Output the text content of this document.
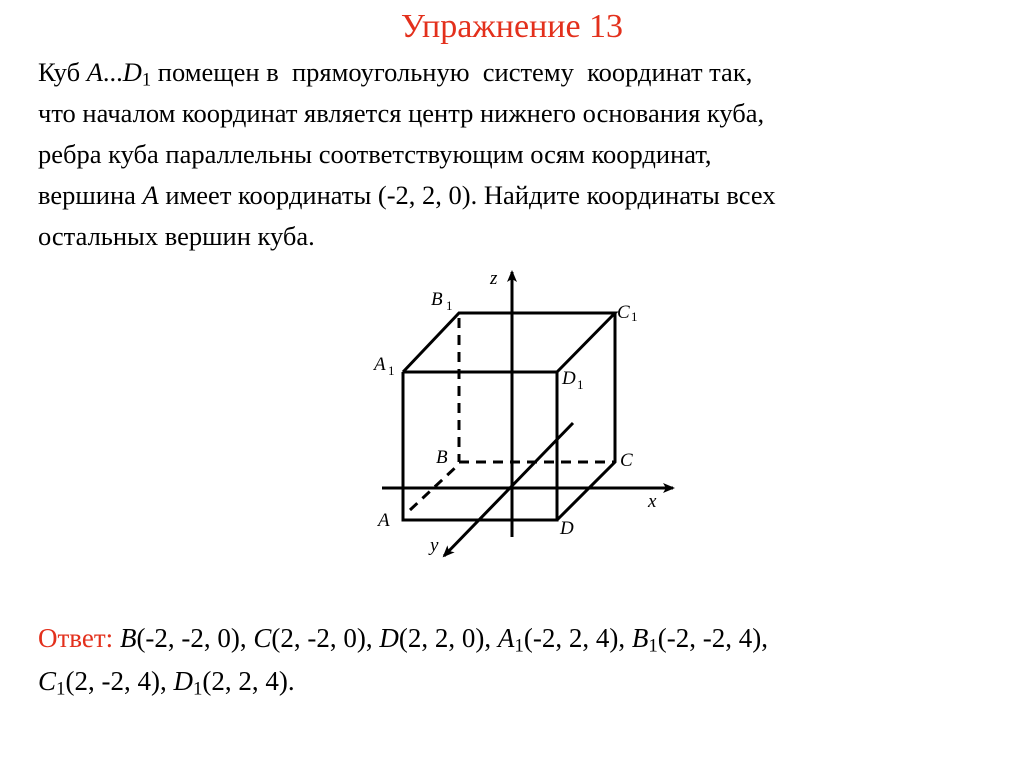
Упражнение 13
Куб $A...D_1$ помещен в  прямоугольную  систему  координат так,
что началом координат является центр нижнего основания куба,
ребра куба параллельны соответствующим осям координат,
вершина A имеет координаты (-2, 2, 0). Найдите координаты всех
остальных вершин куба.
A
B	C
D
A 1
B 1	C 1
D 1
z
x
y
Ответ: B(-2, -2, 0), C(2, -2, 0), D(2, 2, 0), $A_1(-2$, 2, 4), $B_1(-2$, -2, 4),
$C_1(2$, -2, 4), $D_1(2$, 2, 4).
